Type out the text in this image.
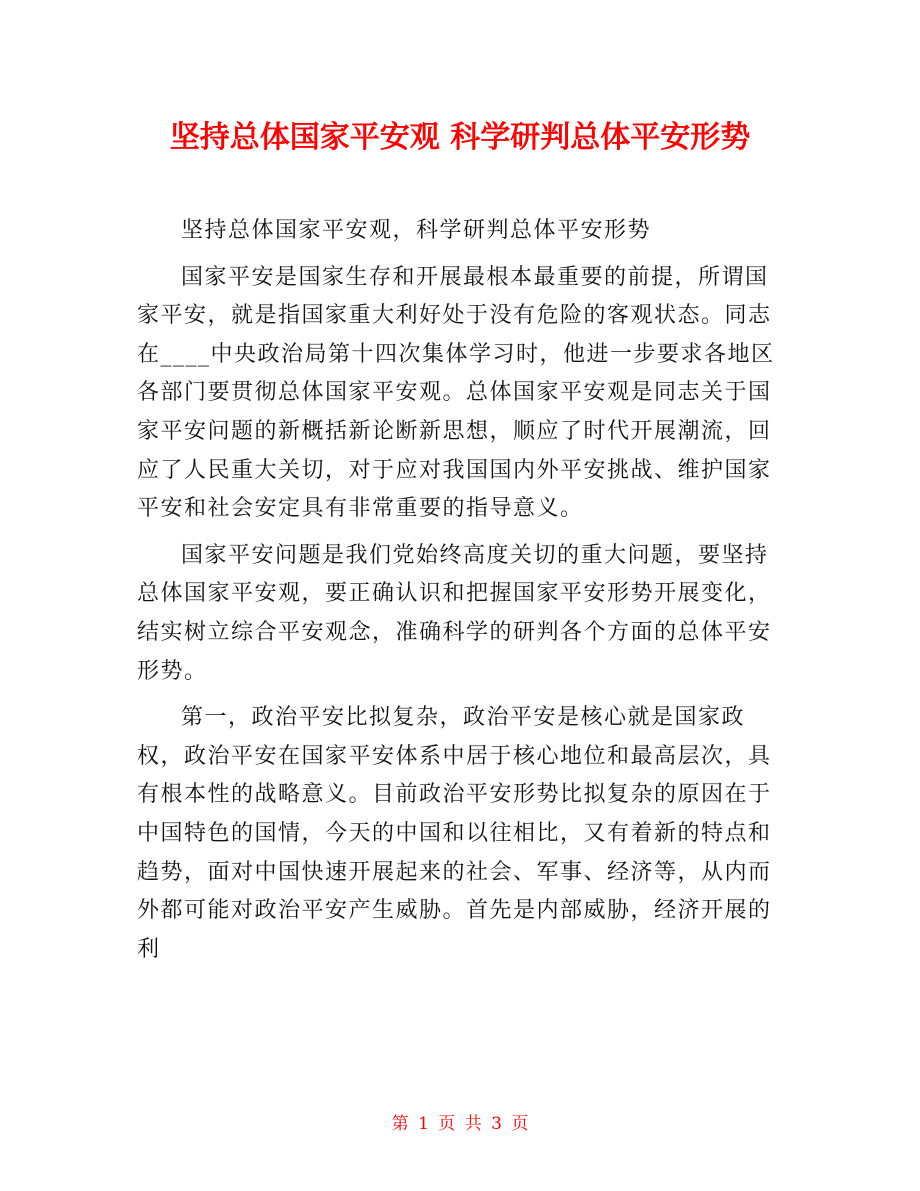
坚持总体国家平安观 科学研判总体平安形势

坚持总体国家平安观，科学研判总体平安形势

国家平安是国家生存和开展最根本最重要的前提，所谓国家平安，就是指国家重大利好处于没有危险的客观状态。同志在____中央政治局第十四次集体学习时，他进一步要求各地区各部门要贯彻总体国家平安观。总体国家平安观是同志关于国家平安问题的新概括新论断新思想，顺应了时代开展潮流，回应了人民重大关切，对于应对我国国内外平安挑战、维护国家平安和社会安定具有非常重要的指导意义。

国家平安问题是我们党始终高度关切的重大问题，要坚持总体国家平安观，要正确认识和把握国家平安形势开展变化，结实树立综合平安观念，准确科学的研判各个方面的总体平安形势。

第一，政治平安比拟复杂，政治平安是核心就是国家政权，政治平安在国家平安体系中居于核心地位和最高层次，具有根本性的战略意义。目前政治平安形势比拟复杂的原因在于中国特色的国情，今天的中国和以往相比，又有着新的特点和趋势，面对中国快速开展起来的社会、军事、经济等，从内而外都可能对政治平安产生威胁。首先是内部威胁，经济开展的利

第 1 页 共 3 页
